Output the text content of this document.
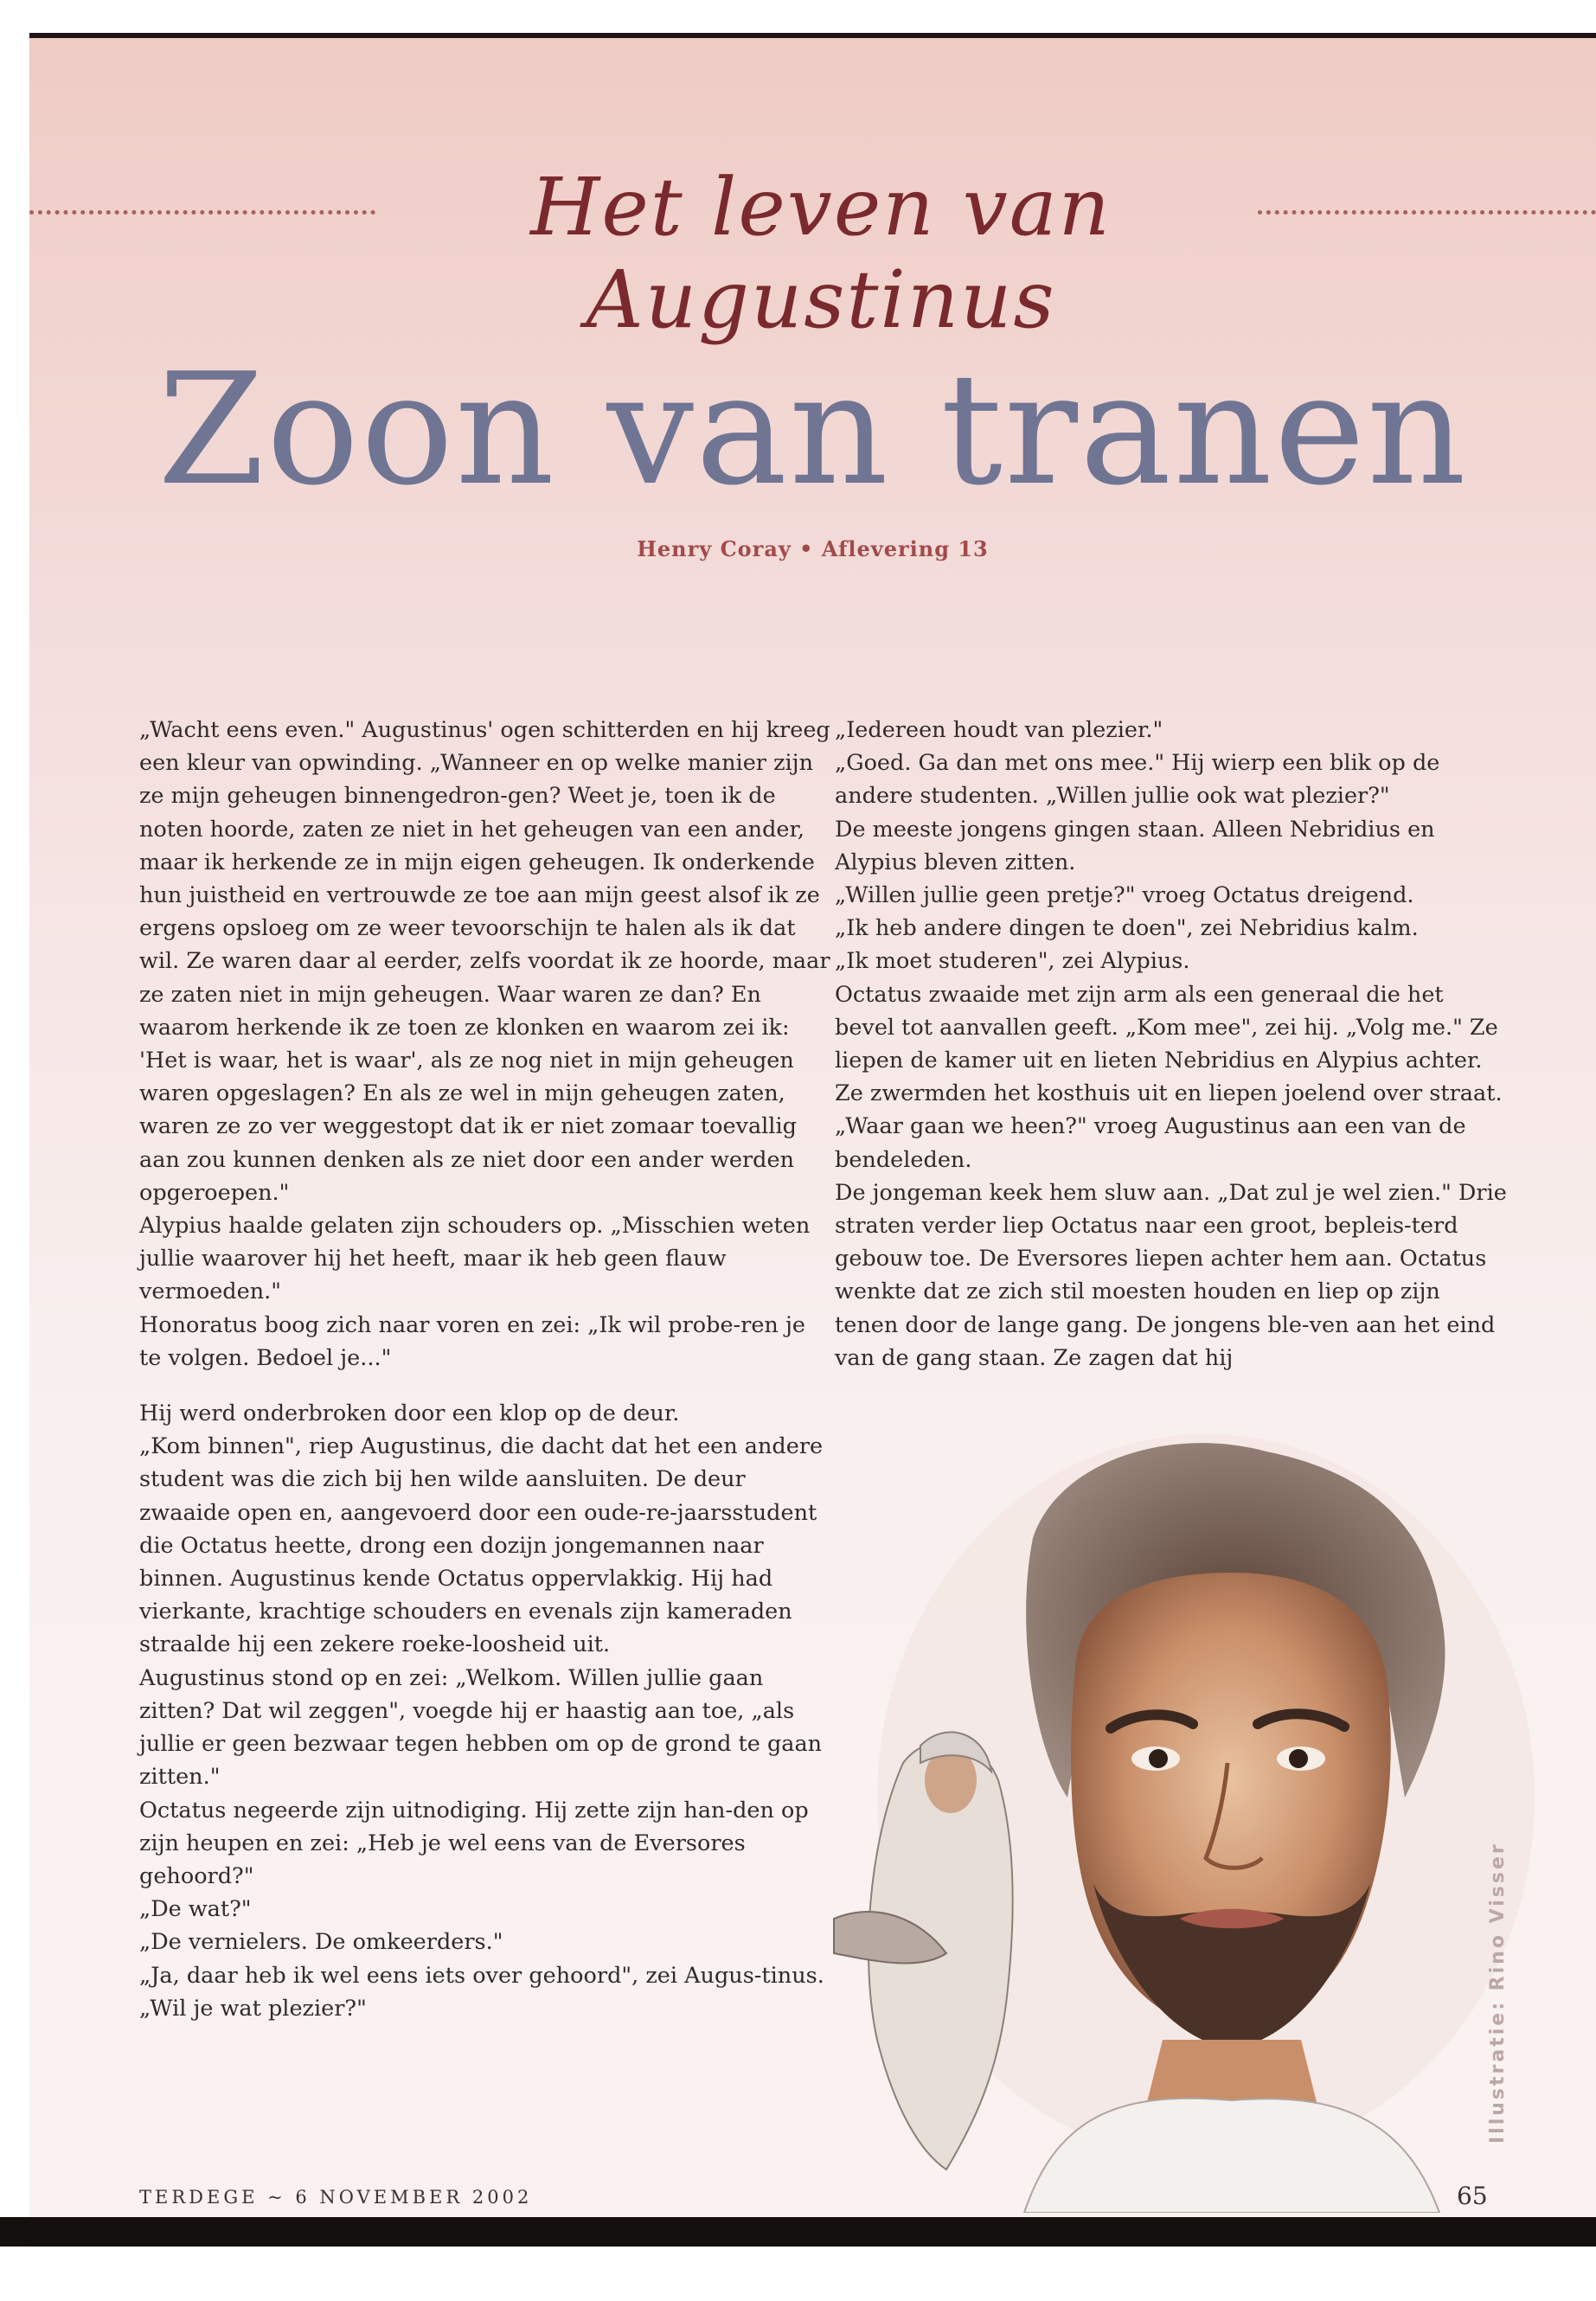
Het leven van Augustinus
Zoon van tranen
Henry Coray • Aflevering 13

„Wacht eens even." Augustinus' ogen schitterden en hij kreeg een kleur van opwinding. „Wanneer en op welke manier zijn ze mijn geheugen binnengedron-gen? Weet je, toen ik de noten hoorde, zaten ze niet in het geheugen van een ander, maar ik herkende ze in mijn eigen geheugen. Ik onderkende hun juistheid en vertrouwde ze toe aan mijn geest alsof ik ze ergens opsloeg om ze weer tevoorschijn te halen als ik dat wil. Ze waren daar al eerder, zelfs voordat ik ze hoorde, maar ze zaten niet in mijn geheugen. Waar waren ze dan? En waarom herkende ik ze toen ze klonken en waarom zei ik: 'Het is waar, het is waar', als ze nog niet in mijn geheugen waren opgeslagen? En als ze wel in mijn geheugen zaten, waren ze zo ver weggestopt dat ik er niet zomaar toevallig aan zou kunnen denken als ze niet door een ander werden opgeroepen."

Alypius haalde gelaten zijn schouders op. „Misschien weten jullie waarover hij het heeft, maar ik heb geen flauw vermoeden."

Honoratus boog zich naar voren en zei: „Ik wil probe-ren je te volgen. Bedoel je..."

Hij werd onderbroken door een klop op de deur.

„Kom binnen", riep Augustinus, die dacht dat het een andere student was die zich bij hen wilde aansluiten. De deur zwaaide open en, aangevoerd door een oude-re-jaarsstudent die Octatus heette, drong een dozijn jongemannen naar binnen. Augustinus kende Octatus oppervlakkig. Hij had vierkante, krachtige schouders en evenals zijn kameraden straalde hij een zekere roeke-loosheid uit.

Augustinus stond op en zei: „Welkom. Willen jullie gaan zitten? Dat wil zeggen", voegde hij er haastig aan toe, „als jullie er geen bezwaar tegen hebben om op de grond te gaan zitten."

Octatus negeerde zijn uitnodiging. Hij zette zijn han-den op zijn heupen en zei: „Heb je wel eens van de Eversores gehoord?"

„De wat?"

„De vernielers. De omkeerders."

„Ja, daar heb ik wel eens iets over gehoord", zei Augus-tinus.

„Wil je wat plezier?"

„Iedereen houdt van plezier."

„Goed. Ga dan met ons mee." Hij wierp een blik op de andere studenten. „Willen jullie ook wat plezier?"

De meeste jongens gingen staan. Alleen Nebridius en Alypius bleven zitten.

„Willen jullie geen pretje?" vroeg Octatus dreigend.

„Ik heb andere dingen te doen", zei Nebridius kalm.

„Ik moet studeren", zei Alypius.

Octatus zwaaide met zijn arm als een generaal die het bevel tot aanvallen geeft. „Kom mee", zei hij. „Volg me." Ze liepen de kamer uit en lieten Nebridius en Alypius achter. Ze zwermden het kosthuis uit en liepen joelend over straat.

„Waar gaan we heen?" vroeg Augustinus aan een van de bendeleden.

De jongeman keek hem sluw aan. „Dat zul je wel zien." Drie straten verder liep Octatus naar een groot, bepleis-terd gebouw toe. De Eversores liepen achter hem aan. Octatus wenkte dat ze zich stil moesten houden en liep op zijn tenen door de lange gang. De jongens ble-ven aan het eind van de gang staan. Ze zagen dat hij

Illustratie: Rino Visser
TERDEGE ~ 6 NOVEMBER 2002	65
